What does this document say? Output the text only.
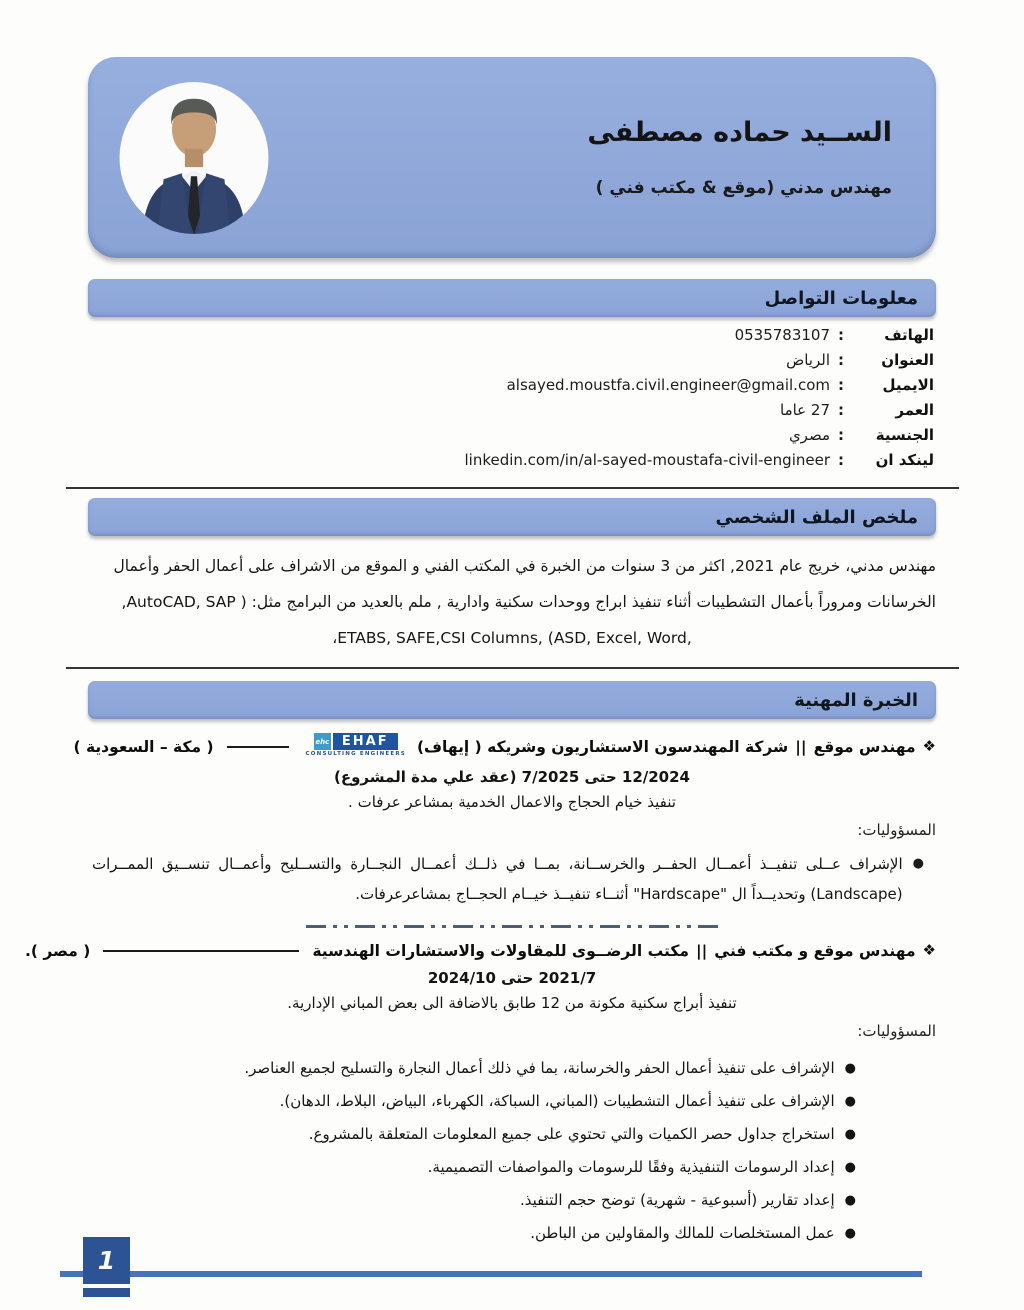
الســيد حماده مصطفى
مهندس مدني (موقع & مكتب فني )
معلومات التواصل
الهاتف
:
0535783107
العنوان
:
الرياض
الايميل
:
alsayed.moustfa.civil.engineer@gmail.com
العمر
:
27 عاما
الجنسية
:
مصري
لينكد ان
:
linkedin.com/in/al-sayed-moustafa-civil-engineer
ملخص الملف الشخصي
مهندس مدني، خريج عام 2021, اكثر من 3 سنوات من الخبرة في المكتب الفني و الموقع من الاشراف على أعمال الحفر وأعمال
الخرسانات ومروراً بأعمال التشطيبات أثناء تنفيذ ابراج ووحدات سكنية وادارية , ملم بالعديد من البرامج مثل: ( AutoCAD, SAP,
،ETABS, SAFE,CSI Columns, (ASD, Excel, Word,
الخبرة المهنية
❖
مهندس موقع
||
شركة المهندسون الاستشاريون وشريكه ( إيهاف)
ehc EHAF
CONSULTING ENGINEERS
( مكة – السعودية )
12/2024 حتى 7/2025 (عقد علي مدة المشروع)
تنفيذ خيام الحجاج والاعمال الخدمية بمشاعر عرفات .
المسؤوليات:
●

الإشراف عــلى تنفيــذ أعمــال الحفــر والخرســانة، بمــا في ذلــك أعمــال النجــارة والتســليح وأعمــال تنســيق الممــرات (Landscape) وتحديــداً ال "Hardscape" أثنــاء تنفيــذ خيــام الحجــاج بمشاعرعرفات.

❖
مهندس موقع و مكتب فني
||
مكتب الرضــوى للمقاولات والاستشارات الهندسية
( مصر ).
2021/7 حتى 2024/10
تنفيذ أبراج سكنية مكونة من 12 طابق بالاضافة الى بعض المباني الإدارية.
المسؤوليات:
●
الإشراف على تنفيذ أعمال الحفر والخرسانة، بما في ذلك أعمال النجارة والتسليح لجميع العناصر.
●
الإشراف على تنفيذ أعمال التشطيبات (المباني، السباكة، الكهرباء، البياض، البلاط، الدهان).
●
استخراج جداول حصر الكميات والتي تحتوي على جميع المعلومات المتعلقة بالمشروع.
●
إعداد الرسومات التنفيذية وفقًا للرسومات والمواصفات التصميمية.
●
إعداد تقارير (أسبوعية - شهرية) توضح حجم التنفيذ.
●
عمل المستخلصات للمالك والمقاولين من الباطن.
1
